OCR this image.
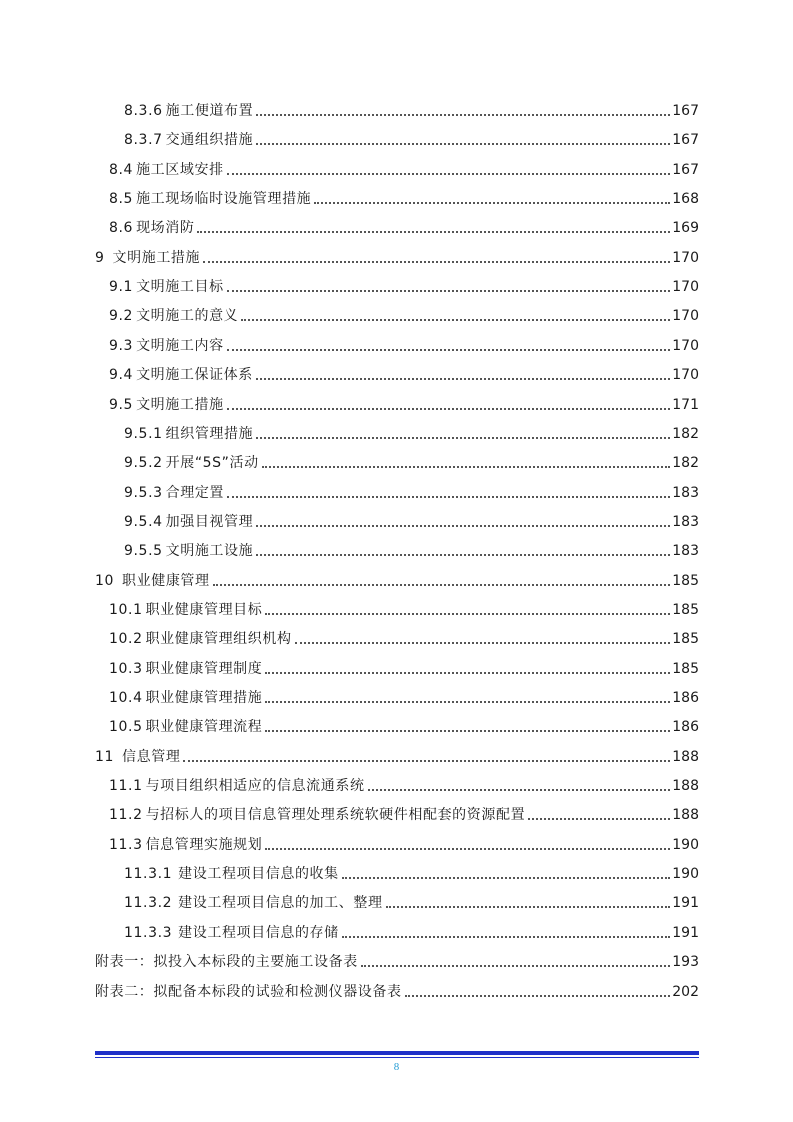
8.3.6 施工便道布置	167
8.3.7 交通组织措施	167
8.4 施工区域安排	167
8.5 施工现场临时设施管理措施	168
8.6 现场消防	169
9 文明施工措施	170
9.1 文明施工目标	170
9.2 文明施工的意义	170
9.3 文明施工内容	170
9.4 文明施工保证体系	170
9.5 文明施工措施	171
9.5.1 组织管理措施	182
9.5.2 开展“5S”活动	182
9.5.3 合理定置	183
9.5.4 加强目视管理	183
9.5.5 文明施工设施	183
10 职业健康管理	185
10.1 职业健康管理目标	185
10.2 职业健康管理组织机构	185
10.3 职业健康管理制度	185
10.4 职业健康管理措施	186
10.5 职业健康管理流程	186
11 信息管理	188
11.1 与项目组织相适应的信息流通系统	188
11.2 与招标人的项目信息管理处理系统软硬件相配套的资源配置	188
11.3 信息管理实施规划	190
11.3.1 建设工程项目信息的收集	190
11.3.2 建设工程项目信息的加工、整理	191
11.3.3 建设工程项目信息的存储	191
附表一： 拟投入本标段的主要施工设备表	193
附表二： 拟配备本标段的试验和检测仪器设备表	202
8
